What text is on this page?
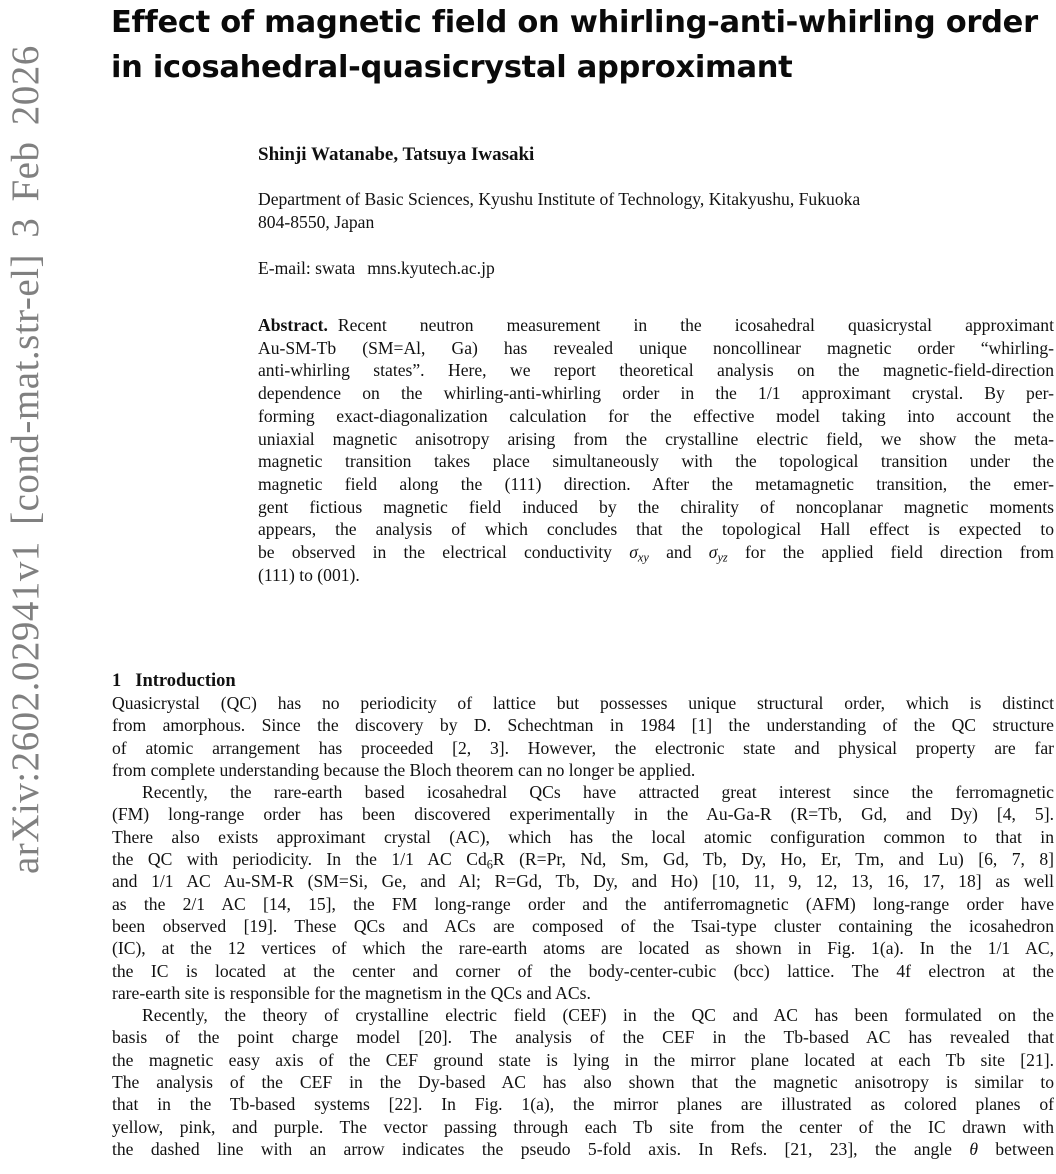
arXiv:2602.02941v1 [cond-mat.str-el] 3 Feb 2026
Effect of magnetic field on whirling-anti-whirling order
in icosahedral-quasicrystal approximant

Shinji Watanabe, Tatsuya Iwasaki

Department of Basic Sciences, Kyushu Institute of Technology, Kitakyushu, Fukuoka
804-8550, Japan

E-mail: swata mns.kyutech.ac.jp

Abstract. Recent neutron measurement in the icosahedral quasicrystal approximant
Au-SM-Tb (SM=Al, Ga) has revealed unique noncollinear magnetic order “whirling-
anti-whirling states”. Here, we report theoretical analysis on the magnetic-field-direction
dependence on the whirling-anti-whirling order in the 1/1 approximant crystal. By per-
forming exact-diagonalization calculation for the effective model taking into account the
uniaxial magnetic anisotropy arising from the crystalline electric field, we show the meta-
magnetic transition takes place simultaneously with the topological transition under the
magnetic field along the (111) direction. After the metamagnetic transition, the emer-
gent fictious magnetic field induced by the chirality of noncoplanar magnetic moments
appears, the analysis of which concludes that the topological Hall effect is expected to
be observed in the electrical conductivity $\sigma_{xy}$ and $\sigma_{yz}$ for the applied field direction from
(111) to (001).
1 Introduction
Quasicrystal (QC) has no periodicity of lattice but possesses unique structural order, which is distinct
from amorphous. Since the discovery by D. Schechtman in 1984 [1] the understanding of the QC structure
of atomic arrangement has proceeded [2, 3]. However, the electronic state and physical property are far
from complete understanding because the Bloch theorem can no longer be applied.
Recently, the rare-earth based icosahedral QCs have attracted great interest since the ferromagnetic
(FM) long-range order has been discovered experimentally in the Au-Ga-R (R=Tb, Gd, and Dy) [4, 5].
There also exists approximant crystal (AC), which has the local atomic configuration common to that in
the QC with periodicity. In the 1/1 AC $Cd_6R$ (R=Pr, Nd, Sm, Gd, Tb, Dy, Ho, Er, Tm, and Lu) [6, 7, 8]
and 1/1 AC Au-SM-R (SM=Si, Ge, and Al; R=Gd, Tb, Dy, and Ho) [10, 11, 9, 12, 13, 16, 17, 18] as well
as the 2/1 AC [14, 15], the FM long-range order and the antiferromagnetic (AFM) long-range order have
been observed [19]. These QCs and ACs are composed of the Tsai-type cluster containing the icosahedron
(IC), at the 12 vertices of which the rare-earth atoms are located as shown in Fig. 1(a). In the 1/1 AC,
the IC is located at the center and corner of the body-center-cubic (bcc) lattice. The 4f electron at the
rare-earth site is responsible for the magnetism in the QCs and ACs.
Recently, the theory of crystalline electric field (CEF) in the QC and AC has been formulated on the
basis of the point charge model [20]. The analysis of the CEF in the Tb-based AC has revealed that
the magnetic easy axis of the CEF ground state is lying in the mirror plane located at each Tb site [21].
The analysis of the CEF in the Dy-based AC has also shown that the magnetic anisotropy is similar to
that in the Tb-based systems [22]. In Fig. 1(a), the mirror planes are illustrated as colored planes of
yellow, pink, and purple. The vector passing through each Tb site from the center of the IC drawn with
the dashed line with an arrow indicates the pseudo 5-fold axis. In Refs. [21, 23], the angle θ between
